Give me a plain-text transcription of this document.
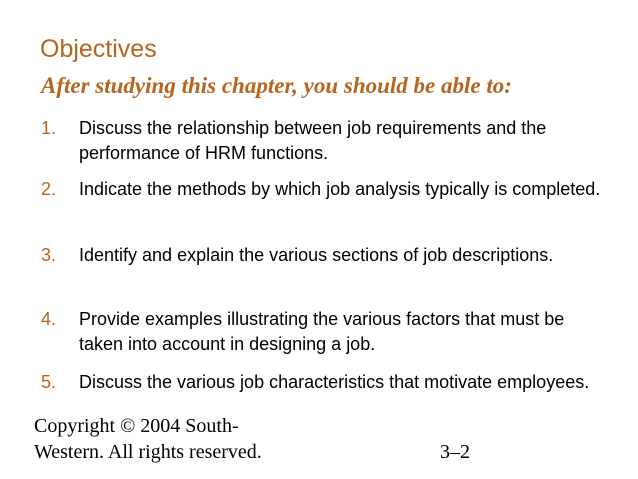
Objectives
After studying this chapter, you should be able to:
1. Discuss the relationship between job requirements and the performance of HRM functions.
2. Indicate the methods by which job analysis typically is completed.
3. Identify and explain the various sections of job descriptions.
4. Provide examples illustrating the various factors that must be taken into account in designing a job.
5. Discuss the various job characteristics that motivate employees.

Copyright © 2004 South-Western. All rights reserved.	3–2
